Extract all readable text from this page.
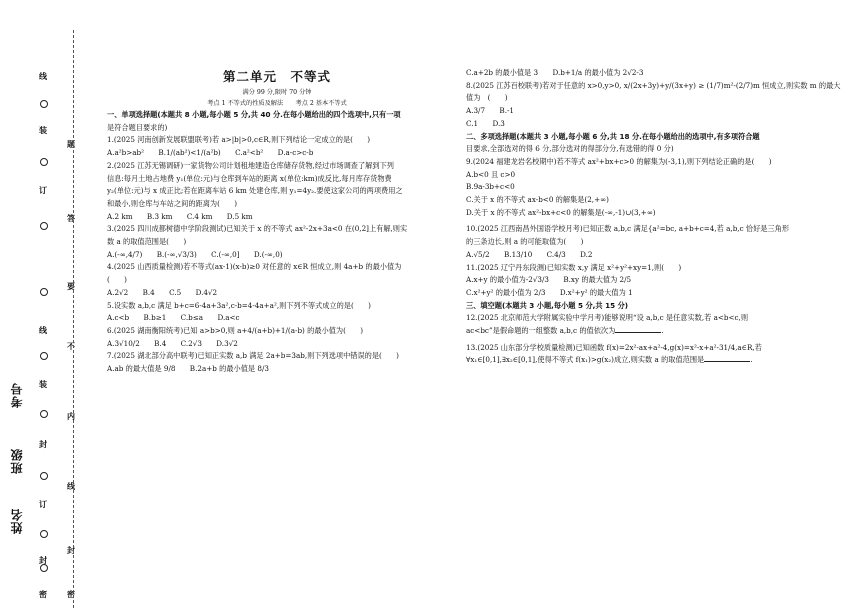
线
装
订
线
装
封
订
封
密
题
答
要
不
内
线
封
密
考号
班级
姓名
第二单元　不等式
满分 99 分,限时 70 分钟
考点 1 不等式的性质及解法　　考点 2 基本不等式

一、单项选择题(本题共 8 小题,每小题 5 分,共 40 分.在每小题给出的四个选项中,只有一项

是符合题目要求的)

1.(2025 河南创新发展联盟联考)若 a>|b|>0,c∈R,则下列结论一定成立的是(　　)

A.a²b>ab²　　B.1/(ab²)<1/(a²b)　　C.a²<b²　　D.a-c>c-b

2.(2025 江苏无锡调研)一家货物公司计划租地建造仓库储存货物,经过市场调查了解到下列

信息:每月土地占地费 y₁(单位:元)与仓库到车站的距离 x(单位:km)成反比,每月库存货物费

y₂(单位:元)与 x 成正比;若在距离车站 6 km 处建仓库,则 y₁=4y₂.要使这家公司的两项费用之

和最小,则仓库与车站之间的距离为(　　)

A.2 km　　B.3 km　　C.4 km　　D.5 km

3.(2025 四川成都树德中学阶段测试)已知关于 x 的不等式 ax²-2x+3a<0 在(0,2]上有解,则实

数 a 的取值范围是(　　)

A.(-∞,4/7)　　B.(-∞,√3/3)　　C.(-∞,0]　　D.(-∞,0)

4.(2025 山西质量检测)若不等式(ax-1)(x-b)≥0 对任意的 x∈R 恒成立,则 4a+b 的最小值为

(　　)

A.2√2　　B.4　　C.5　　D.4√2

5.设实数 a,b,c 满足 b+c=6-4a+3a²,c-b=4-4a+a²,则下列不等式成立的是(　　)

A.c<b　　B.b≥1　　C.b≤a　　D.a<c

6.(2025 湖南衡阳统考)已知 a>b>0,则 a+4/(a+b)+1/(a-b) 的最小值为(　　)

A.3√10/2　　B.4　　C.2√3　　D.3√2

7.(2025 湖北部分高中联考)已知正实数 a,b 满足 2a+b=3ab,则下列选项中错误的是(　　)

A.ab 的最大值是 9/8　　B.2a+b 的最小值是 8/3

C.a+2b 的最小值是 3　　D.b+1/a 的最小值为 2√2-3

8.(2025 江苏百校联考)若对于任意的 x>0,y>0, x/(2x+3y)+y/(3x+y) ≥ (1/7)m²-(2/7)m 恒成立,则实数 m 的最大

值为　(　　)

A.3/7　　B.-1

C.1　　D.3

二、多项选择题(本题共 3 小题,每小题 6 分,共 18 分.在每小题给出的选项中,有多项符合题

目要求,全部选对的得 6 分,部分选对的得部分分,有选错的得 0 分)

9.(2024 福建龙岩名校期中)若不等式 ax²+bx+c>0 的解集为(-3,1),则下列结论正确的是(　　)

A.b<0 且 c>0

B.9a-3b+c<0

C.关于 x 的不等式 ax-b<0 的解集是(2,+∞)

D.关于 x 的不等式 ax²-bx+c<0 的解集是(-∞,-1)∪(3,+∞)

10.(2025 江西南昌外国语学校月考)已知正数 a,b,c 满足{a²=bc, a+b+c=4,若 a,b,c 恰好是三角形

的三条边长,则 a 的可能取值为(　　)

A.√5/2　　B.13/10　　C.4/3　　D.2

11.(2025 辽宁丹东段测)已知实数 x,y 满足 x²+y²+xy=1,则(　　)

A.x+y 的最小值为-2√3/3　　B.xy 的最大值为 2/5

C.x²+y² 的最小值为 2/3　　D.x²+y² 的最大值为 1

三、填空题(本题共 3 小题,每小题 5 分,共 15 分)

12.(2025 北京师范大学附属实验中学月考)能够说明“设 a,b,c 是任意实数,若 a<b<c,则

ac<bc”是假命题的一组整数 a,b,c 的值依次为	.

13.(2025 山东部分学校质量检测)已知函数 f(x)=2x²-ax+a²-4,g(x)=x²-x+a²-31/4,a∈R,若

∀x₁∈[0,1],∃x₂∈[0,1],使得不等式 f(x₁)>g(x₂)成立,则实数 a 的取值范围是	.
